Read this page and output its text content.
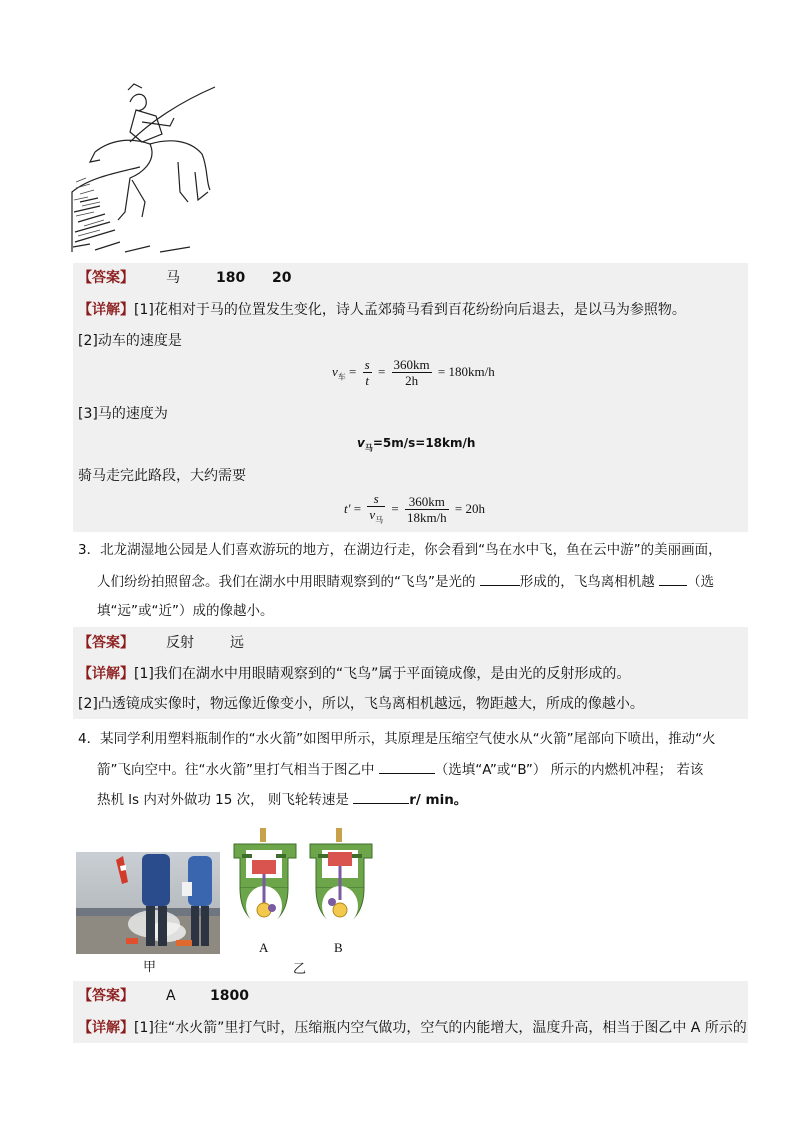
【答案】 马	180 20
【详解】[1]花相对于马的位置发生变化，诗人孟郊骑马看到百花纷纷向后退去，是以马为参照物。
[2]动车的速度是
$v_车 = \frac{s}{t} = \frac{360km}{2h} = 180km/h$
[3]马的速度为
$v_马=5m/s=18km/h$
骑马走完此路段，大约需要
$t' = \frac{s}{v_马} = \frac{360km}{18km/h} = 20h$
3．北龙湖湿地公园是人们喜欢游玩的地方，在湖边行走，你会看到“鸟在水中飞，鱼在云中游”的美丽画面，
人们纷纷拍照留念。我们在湖水中用眼睛观察到的“飞鸟”是光的	形成的，飞鸟离相机越 （选
填“远”或“近”）成的像越小。
【答案】 反射	远
【详解】[1]我们在湖水中用眼睛观察到的“飞鸟”属于平面镜成像，是由光的反射形成的。
[2]凸透镜成实像时，物远像近像变小，所以，飞鸟离相机越远，物距越大，所成的像越小。
4．某同学利用塑料瓶制作的“水火箭”如图甲所示，其原理是压缩空气使水从“火箭”尾部向下喷出，推动“火
箭”飞向空中。往“水火箭”里打气相当于图乙中	（选填“A”或“B”） 所示的内燃机冲程； 若该
热机 ls 内对外做功 15 次， 则飞轮转速是	r/ min。
甲
A	B
乙
【答案】 A 1800
【详解】[1]往“水火箭”里打气时，压缩瓶内空气做功，空气的内能增大，温度升高，相当于图乙中 A 所示的
